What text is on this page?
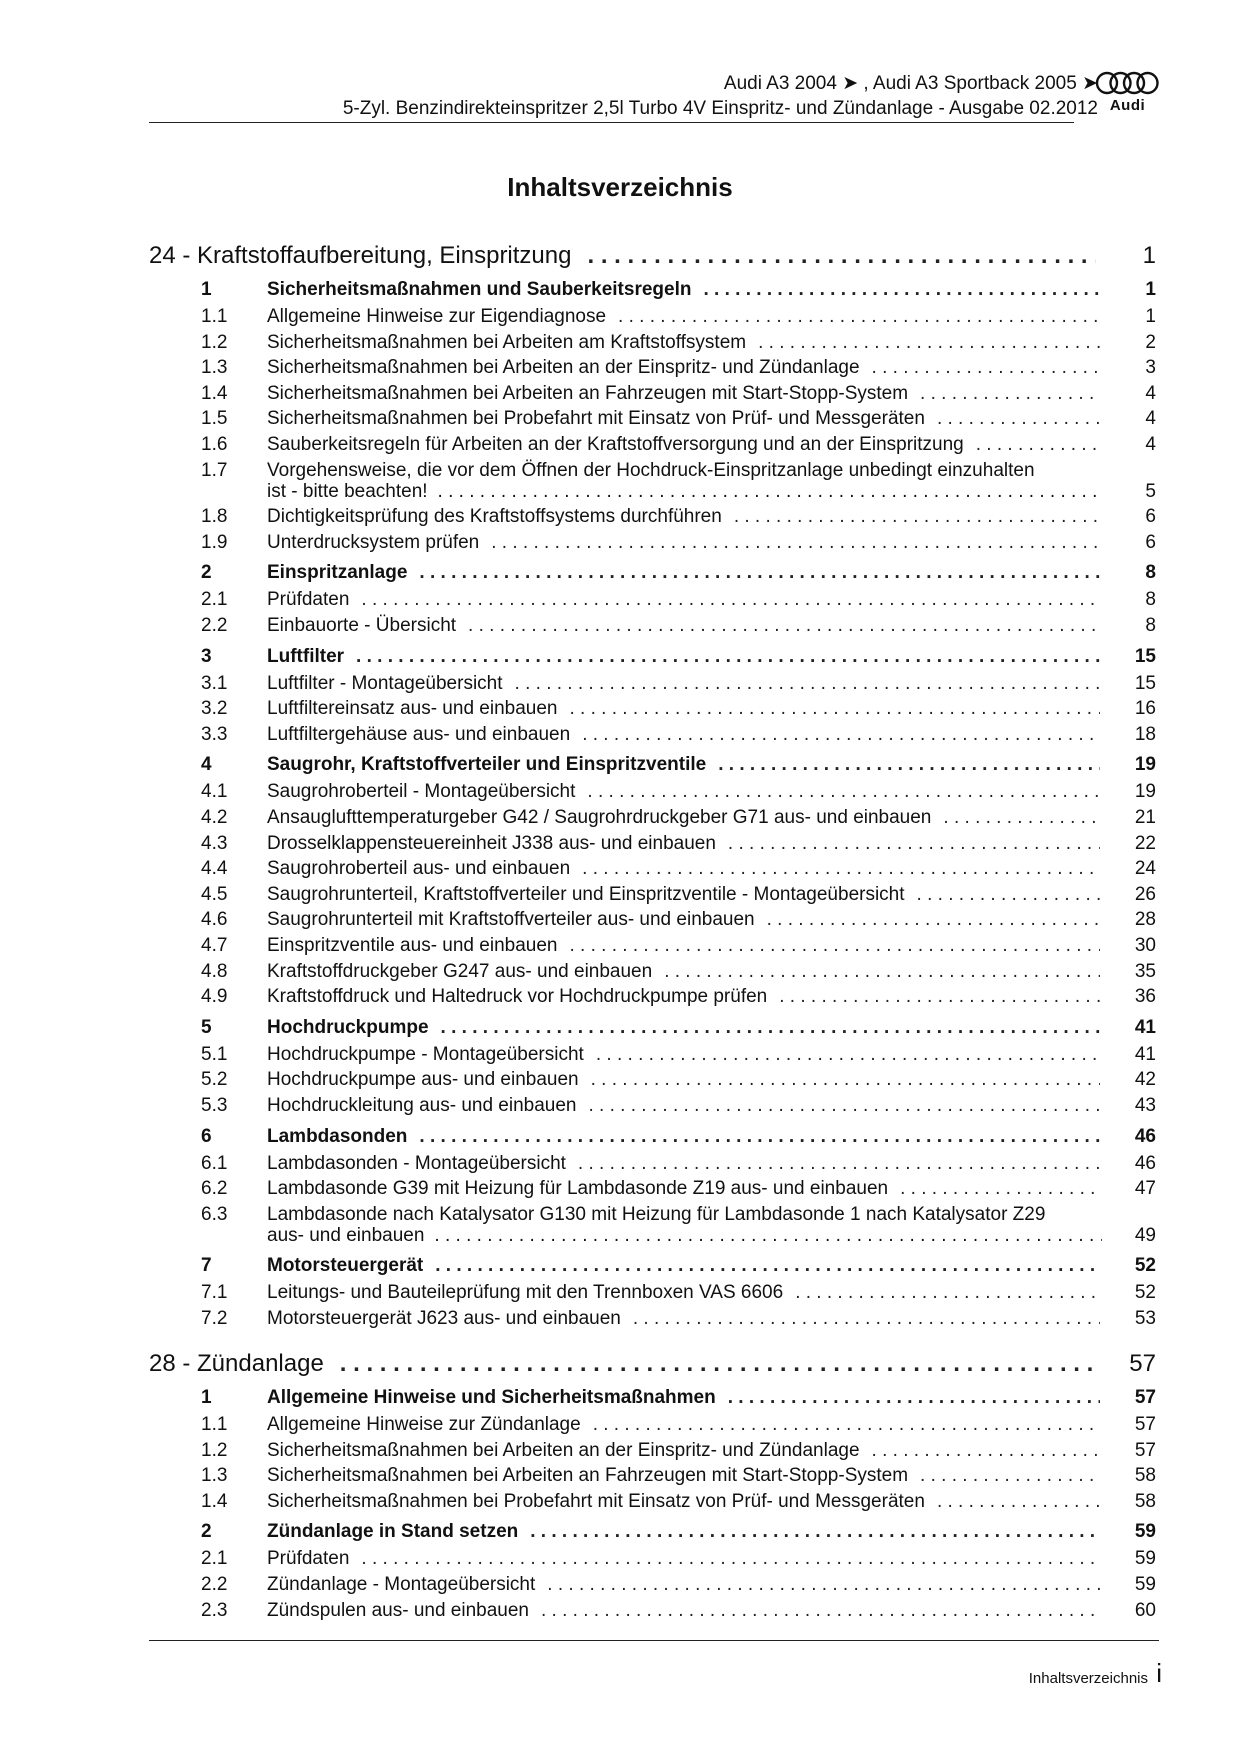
Audi A3 2004 ➤ , Audi A3 Sportback 2005 ➤
5-Zyl. Benzindirekteinspritzer 2,5l Turbo 4V Einspritz- und Zündanlage - Ausgabe 02.2012 Audi
Inhaltsverzeichnis
24 - Kraftstoffaufbereitung, Einspritzung . . .	1
1	Sicherheitsmaßnahmen und Sauberkeitsregeln . . .	1
1.1 Allgemeine Hinweise zur Eigendiagnose . . .	1
1.2 Sicherheitsmaßnahmen bei Arbeiten am Kraftstoffsystem . . .	2
1.3 Sicherheitsmaßnahmen bei Arbeiten an der Einspritz- und Zündanlage . . .	3
1.4 Sicherheitsmaßnahmen bei Arbeiten an Fahrzeugen mit Start-Stopp-System . . .	4
1.5 Sicherheitsmaßnahmen bei Probefahrt mit Einsatz von Prüf- und Messgeräten . . .	4
1.6 Sauberkeitsregeln für Arbeiten an der Kraftstoffversorgung und an der Einspritzung . . .	4
1.7 Vorgehensweise, die vor dem Öffnen der Hochdruck-Einspritzanlage unbedingt einzuhalten
ist - bitte beachten! . . .	5
1.8 Dichtigkeitsprüfung des Kraftstoffsystems durchführen . . .	6
1.9 Unterdrucksystem prüfen . . .	6
2	Einspritzanlage . . .	8
2.1 Prüfdaten . . .	8
2.2 Einbauorte - Übersicht . . .	8
3	Luftfilter . . .	15
3.1 Luftfilter - Montageübersicht . . .	15
3.2 Luftfiltereinsatz aus- und einbauen . . .	16
3.3 Luftfiltergehäuse aus- und einbauen . . .	18
4	Saugrohr, Kraftstoffverteiler und Einspritzventile . . .	19
4.1 Saugrohroberteil - Montageübersicht . . .	19
4.2 Ansauglufttemperaturgeber G42 / Saugrohrdruckgeber G71 aus- und einbauen . . .	21
4.3 Drosselklappensteuereinheit J338 aus- und einbauen . . .	22
4.4 Saugrohroberteil aus- und einbauen . . .	24
4.5 Saugrohrunterteil, Kraftstoffverteiler und Einspritzventile - Montageübersicht . . .	26
4.6 Saugrohrunterteil mit Kraftstoffverteiler aus- und einbauen . . .	28
4.7 Einspritzventile aus- und einbauen . . .	30
4.8 Kraftstoffdruckgeber G247 aus- und einbauen . . .	35
4.9 Kraftstoffdruck und Haltedruck vor Hochdruckpumpe prüfen . . .	36
5	Hochdruckpumpe . . .	41
5.1 Hochdruckpumpe - Montageübersicht . . .	41
5.2 Hochdruckpumpe aus- und einbauen . . .	42
5.3 Hochdruckleitung aus- und einbauen . . .	43
6	Lambdasonden . . .	46
6.1 Lambdasonden - Montageübersicht . . .	46
6.2 Lambdasonde G39 mit Heizung für Lambdasonde Z19 aus- und einbauen . . .	47
6.3 Lambdasonde nach Katalysator G130 mit Heizung für Lambdasonde 1 nach Katalysator Z29
aus- und einbauen . . .	49
7	Motorsteuergerät . . .	52
7.1 Leitungs- und Bauteileprüfung mit den Trennboxen VAS 6606 . . .	52
7.2 Motorsteuergerät J623 aus- und einbauen . . .	53
28 - Zündanlage . . .	57
1	Allgemeine Hinweise und Sicherheitsmaßnahmen . . .	57
1.1 Allgemeine Hinweise zur Zündanlage . . .	57
1.2 Sicherheitsmaßnahmen bei Arbeiten an der Einspritz- und Zündanlage . . .	57
1.3 Sicherheitsmaßnahmen bei Arbeiten an Fahrzeugen mit Start-Stopp-System . . .	58
1.4 Sicherheitsmaßnahmen bei Probefahrt mit Einsatz von Prüf- und Messgeräten . . .	58
2	Zündanlage in Stand setzen . . .	59
2.1 Prüfdaten . . .	59
2.2 Zündanlage - Montageübersicht . . .	59
2.3 Zündspulen aus- und einbauen . . .	60
Inhaltsverzeichnis i
